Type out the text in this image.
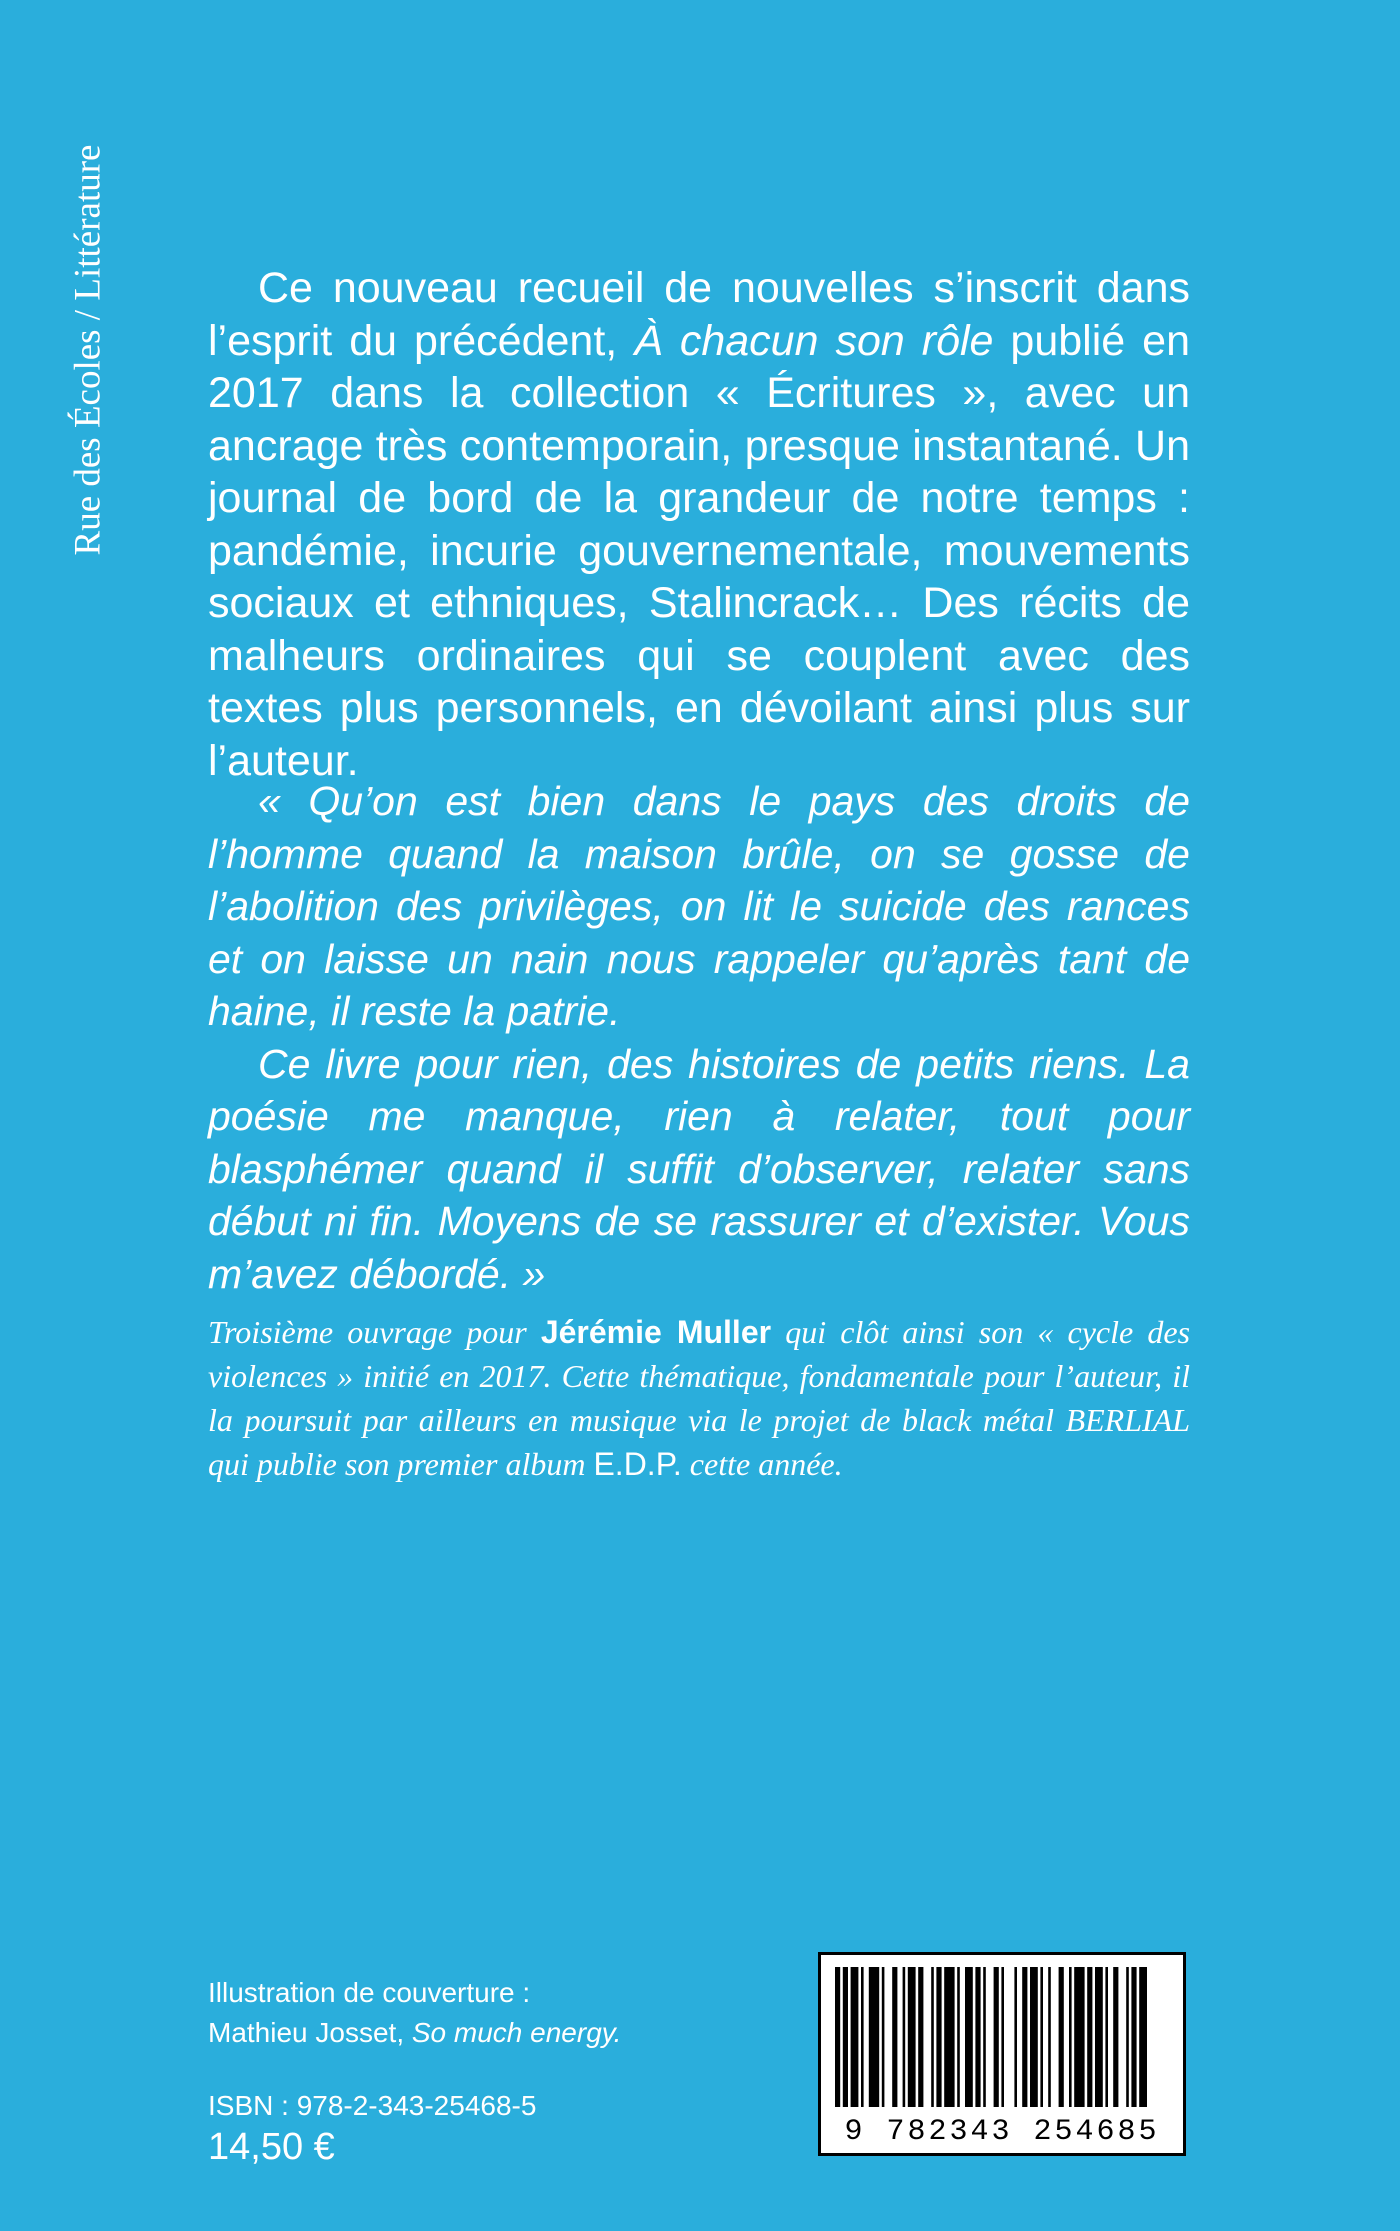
Rue des Écoles / Littérature	Ce nouveau recueil de nouvelles s’inscrit dans l’esprit du précédent, À chacun son rôle publié en 2017 dans la collection « Écritures », avec un ancrage très contemporain, presque instantané. Un journal de bord de la grandeur de notre temps : pandémie, incurie gouvernementale, mouvements sociaux et ethniques, Stalincrack… Des récits de malheurs ordinaires qui se couplent avec des textes plus personnels, en dévoilant ainsi plus sur l’auteur.

« Qu’on est bien dans le pays des droits de l’homme quand la maison brûle, on se gosse de l’abolition des privilèges, on lit le suicide des rances et on laisse un nain nous rappeler qu’après tant de haine, il reste la patrie.

Ce livre pour rien, des histoires de petits riens. La poésie me manque, rien à relater, tout pour blasphémer quand il suffit d’observer, relater sans début ni fin. Moyens de se rassurer et d’exister. Vous m’avez débordé. »

Troisième ouvrage pour Jérémie Muller qui clôt ainsi son « cycle des violences » initié en 2017. Cette thématique, fondamentale pour l’auteur, il la poursuit par ailleurs en musique via le projet de black métal BERLIAL qui publie son premier album E.D.P. cette année.

Illustration de couverture :
Mathieu Josset, So much energy.
ISBN : 978-2-343-25468-5
14,50 €	9 782343 254685
